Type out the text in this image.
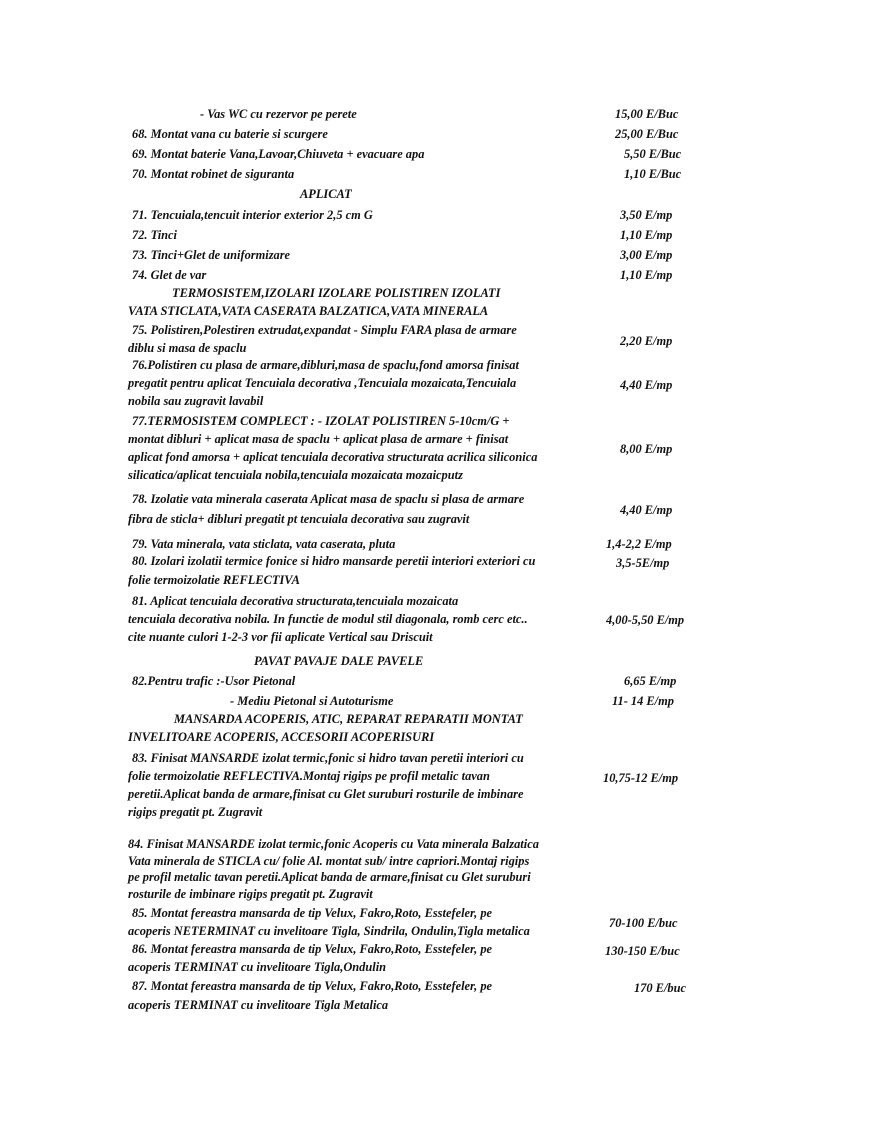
- Vas WC cu rezervor pe perete
68. Montat vana cu baterie si scurgere
69. Montat baterie Vana,Lavoar,Chiuveta + evacuare apa
70. Montat robinet de siguranta
APLICAT
71. Tencuiala,tencuit interior exterior 2,5 cm G
72. Tinci
73. Tinci+Glet de uniformizare
74. Glet de var
TERMOSISTEM,IZOLARI IZOLARE POLISTIREN IZOLATI
VATA STICLATA,VATA CASERATA BALZATICA,VATA MINERALA
75. Polistiren,Polestiren extrudat,expandat - Simplu FARA plasa de armare
diblu si masa de spaclu
76.Polistiren cu plasa de armare,dibluri,masa de spaclu,fond amorsa finisat
pregatit pentru aplicat Tencuiala decorativa ,Tencuiala mozaicata,Tencuiala
nobila sau zugravit lavabil
77.TERMOSISTEM COMPLECT : - IZOLAT POLISTIREN 5-10cm/G +
montat dibluri + aplicat masa de spaclu + aplicat plasa de armare + finisat
aplicat fond amorsa + aplicat tencuiala decorativa structurata acrilica siliconica
silicatica/aplicat tencuiala nobila,tencuiala mozaicata mozaicputz
78. Izolatie vata minerala caserata Aplicat masa de spaclu si plasa de armare
fibra de sticla+ dibluri pregatit pt tencuiala decorativa sau zugravit
79. Vata minerala, vata sticlata, vata caserata, pluta
80. Izolari izolatii termice fonice si hidro mansarde peretii interiori exteriori cu
folie termoizolatie REFLECTIVA
81. Aplicat tencuiala decorativa structurata,tencuiala mozaicata
tencuiala decorativa nobila. In functie de modul stil diagonala, romb cerc etc..
cite nuante culori 1-2-3 vor fii aplicate Vertical sau Driscuit
PAVAT PAVAJE DALE PAVELE
82.Pentru trafic :-Usor Pietonal
- Mediu Pietonal si Autoturisme
MANSARDA ACOPERIS, ATIC, REPARAT REPARATII MONTAT
INVELITOARE ACOPERIS, ACCESORII ACOPERISURI
83. Finisat MANSARDE izolat termic,fonic si hidro tavan peretii interiori cu
folie termoizolatie REFLECTIVA.Montaj rigips pe profil metalic tavan
peretii.Aplicat banda de armare,finisat cu Glet suruburi rosturile de imbinare
rigips pregatit pt. Zugravit
84. Finisat MANSARDE izolat termic,fonic Acoperis cu Vata minerala Balzatica
Vata minerala de STICLA cu/ folie Al. montat sub/ intre capriori.Montaj rigips
pe profil metalic tavan peretii.Aplicat banda de armare,finisat cu Glet suruburi
rosturile de imbinare rigips pregatit pt. Zugravit
85. Montat fereastra mansarda de tip Velux, Fakro,Roto, Esstefeler, pe
acoperis NETERMINAT cu invelitoare Tigla, Sindrila, Ondulin,Tigla metalica
86. Montat fereastra mansarda de tip Velux, Fakro,Roto, Esstefeler, pe
acoperis TERMINAT cu invelitoare Tigla,Ondulin
87. Montat fereastra mansarda de tip Velux, Fakro,Roto, Esstefeler, pe
acoperis TERMINAT cu invelitoare Tigla Metalica
15,00 E/Buc
25,00 E/Buc
5,50 E/Buc
1,10 E/Buc
3,50 E/mp
1,10 E/mp
3,00 E/mp
1,10 E/mp
2,20 E/mp
4,40 E/mp
8,00 E/mp
4,40 E/mp
1,4-2,2 E/mp
3,5-5E/mp
4,00-5,50 E/mp
6,65 E/mp
11- 14 E/mp
10,75-12 E/mp
70-100 E/buc
130-150 E/buc
170 E/buc
